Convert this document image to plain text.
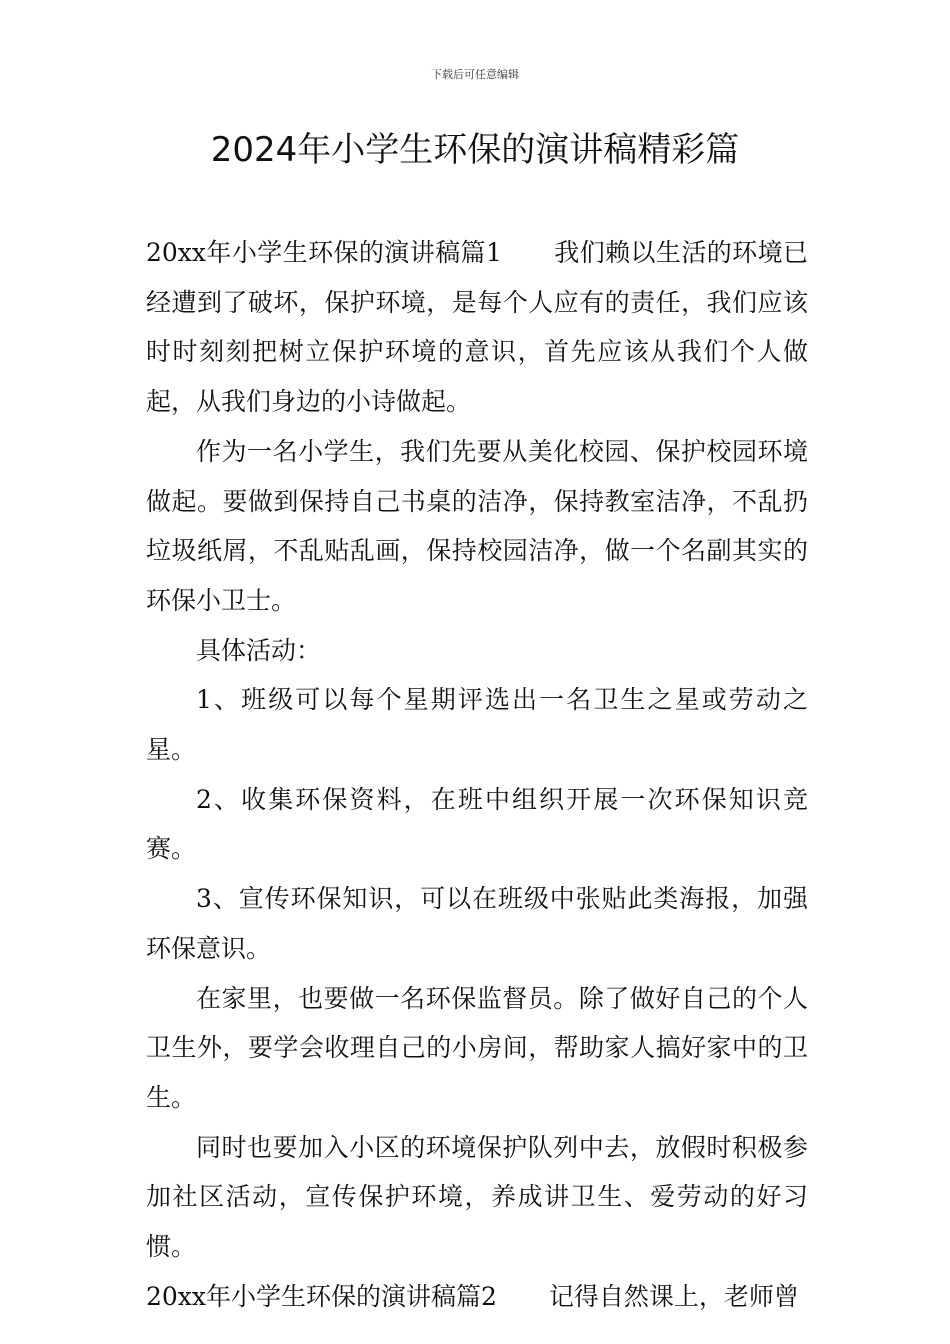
下载后可任意编辑
2024年小学生环保的演讲稿精彩篇

20xx年小学生环保的演讲稿篇1 我们赖以生活的环境已经遭到了破坏，保护环境，是每个人应有的责任，我们应该时时刻刻把树立保护环境的意识，首先应该从我们个人做起，从我们身边的小诗做起。

作为一名小学生，我们先要从美化校园、保护校园环境做起。要做到保持自己书桌的洁净，保持教室洁净，不乱扔垃圾纸屑，不乱贴乱画，保持校园洁净，做一个名副其实的环保小卫士。

具体活动：

1、班级可以每个星期评选出一名卫生之星或劳动之星。

2、收集环保资料，在班中组织开展一次环保知识竞赛。

3、宣传环保知识，可以在班级中张贴此类海报，加强环保意识。

在家里，也要做一名环保监督员。除了做好自己的个人卫生外，要学会收理自己的小房间，帮助家人搞好家中的卫生。

同时也要加入小区的环境保护队列中去，放假时积极参加社区活动，宣传保护环境，养成讲卫生、爱劳动的好习惯。

20xx年小学生环保的演讲稿篇2 记得自然课上，老师曾
